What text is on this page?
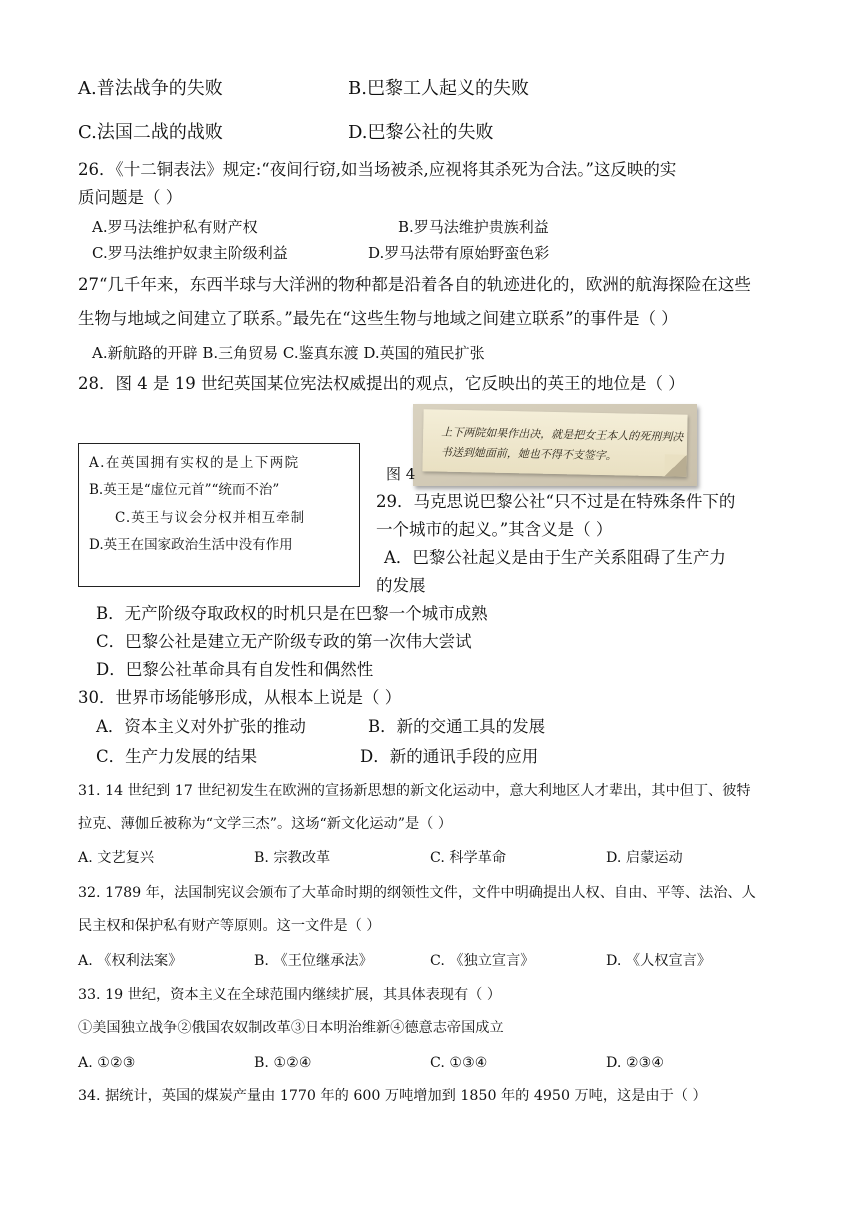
A.普法战争的失败	B.巴黎工人起义的失败
C.法国二战的战败	D.巴黎公社的失败
26．《十二铜表法》规定:“夜间行窃,如当场被杀,应视将其杀死为合法。”这反映的实
质问题是（ ）
A.罗马法维护私有财产权	B.罗马法维护贵族利益
C.罗马法维护奴隶主阶级利益	D.罗马法带有原始野蛮色彩
27“几千年来，东西半球与大洋洲的物种都是沿着各自的轨迹进化的，欧洲的航海探险在这些
生物与地域之间建立了联系。”最先在“这些生物与地域之间建立联系”的事件是（ ）
A.新航路的开辟 B.三角贸易 C.鉴真东渡 D.英国的殖民扩张
28．图 4 是 19 世纪英国某位宪法权威提出的观点，它反映出的英王的地位是（ ）
上下两院如果作出决，就是把女王本人的死刑判决
书送到她面前，她也不得不支签字。
图 4
A.在英国拥有实权的是上下两院
B.英王是“虚位元首”“统而不治”
C.英王与议会分权并相互牵制
D.英王在国家政治生活中没有作用
29．马克思说巴黎公社“只不过是在特殊条件下的
一个城市的起义。”其含义是（ ）
A．巴黎公社起义是由于生产关系阻碍了生产力
的发展
B．无产阶级夺取政权的时机只是在巴黎一个城市成熟
C．巴黎公社是建立无产阶级专政的第一次伟大尝试
D．巴黎公社革命具有自发性和偶然性
30．世界市场能够形成，从根本上说是（ ）
A．资本主义对外扩张的推动	B．新的交通工具的发展
C．生产力发展的结果	D．新的通讯手段的应用
31. 14 世纪到 17 世纪初发生在欧洲的宣扬新思想的新文化运动中，意大利地区人才辈出，其中但丁、彼特
拉克、薄伽丘被称为“文学三杰”。这场“新文化运动”是（ ）
A. 文艺复兴	B. 宗教改革	C. 科学革命	D. 启蒙运动
32. 1789 年，法国制宪议会颁布了大革命时期的纲领性文件，文件中明确提出人权、自由、平等、法治、人
民主权和保护私有财产等原则。这一文件是（ ）
A. 《权利法案》	B. 《王位继承法》	C. 《独立宣言》	D. 《人权宣言》
33. 19 世纪，资本主义在全球范围内继续扩展，其具体表现有（ ）
①美国独立战争②俄国农奴制改革③日本明治维新④德意志帝国成立
A. ①②③	B. ①②④	C. ①③④	D. ②③④
34. 据统计，英国的煤炭产量由 1770 年的 600 万吨增加到 1850 年的 4950 万吨，这是由于（ ）
